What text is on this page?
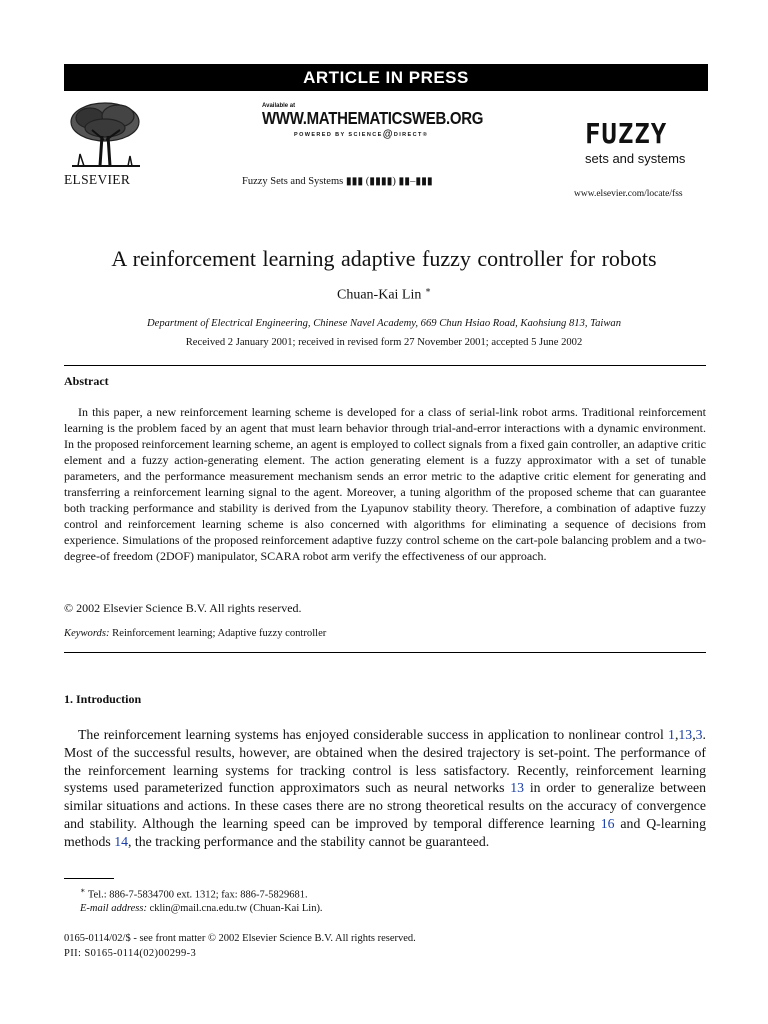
ARTICLE IN PRESS
ELSEVIER
Available at
WWW.MATHEMATICSWEB.ORG
POWERED BY SCIENCE@DIRECT®
Fuzzy Sets and Systems ▮▮▮ (▮▮▮▮) ▮▮–▮▮▮
FUZZY
sets and systems
www.elsevier.com/locate/fss
A reinforcement learning adaptive fuzzy controller for robots
Chuan-Kai Lin ∗
Department of Electrical Engineering, Chinese Navel Academy, 669 Chun Hsiao Road, Kaohsiung 813, Taiwan
Received 2 January 2001; received in revised form 27 November 2001; accepted 5 June 2002
Abstract

In this paper, a new reinforcement learning scheme is developed for a class of serial-link robot arms. Traditional reinforcement learning is the problem faced by an agent that must learn behavior through trial-and-error interactions with a dynamic environment. In the proposed reinforcement learning scheme, an agent is employed to collect signals from a fixed gain controller, an adaptive critic element and a fuzzy action-generating element. The action generating element is a fuzzy approximator with a set of tunable parameters, and the performance measurement mechanism sends an error metric to the adaptive critic element for generating and transferring a reinforcement learning signal to the agent. Moreover, a tuning algorithm of the proposed scheme that can guarantee both tracking performance and stability is derived from the Lyapunov stability theory. Therefore, a combination of adaptive fuzzy control and reinforcement learning scheme is also concerned with algorithms for eliminating a sequence of decisions from experience. Simulations of the proposed reinforcement adaptive fuzzy control scheme on the cart-pole balancing problem and a two-degree-of freedom (2DOF) manipulator, SCARA robot arm verify the effectiveness of our approach.

© 2002 Elsevier Science B.V. All rights reserved.
Keywords: Reinforcement learning; Adaptive fuzzy controller
1. Introduction

The reinforcement learning systems has enjoyed considerable success in application to nonlinear control 1,13,3. Most of the successful results, however, are obtained when the desired trajectory is set-point. The performance of the reinforcement learning systems for tracking control is less satisfactory. Recently, reinforcement learning systems used parameterized function approximators such as neural networks 13 in order to generalize between similar situations and actions. In these cases there are no strong theoretical results on the accuracy of convergence and stability. Although the learning speed can be improved by temporal difference learning 16 and Q-learning methods 14, the tracking performance and the stability cannot be guaranteed.

∗ Tel.: 886-7-5834700 ext. 1312; fax: 886-7-5829681.
E-mail address: cklin@mail.cna.edu.tw (Chuan-Kai Lin).
0165-0114/02/$ - see front matter © 2002 Elsevier Science B.V. All rights reserved.
PII: S0165-0114(02)00299-3
